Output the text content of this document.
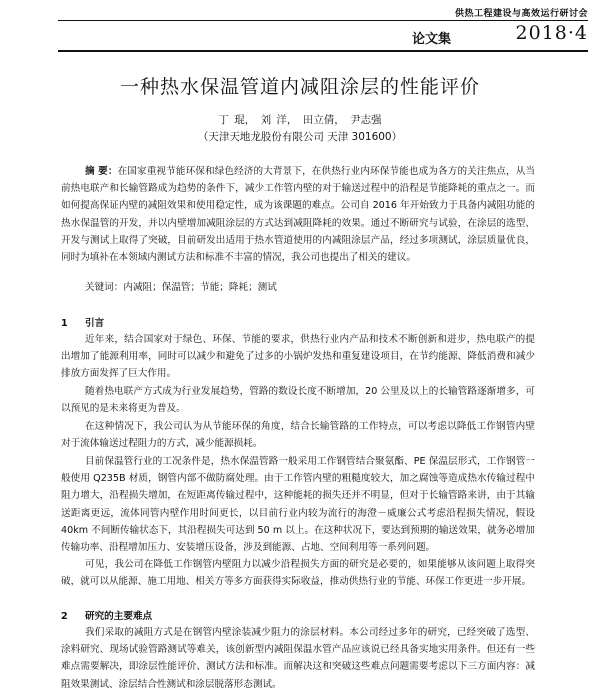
供热工程建设与高效运行研讨会
论文集	2018·4
一种热水保温管道内减阻涂层的性能评价
丁 琨， 刘 洋， 田立倩， 尹志强
（天津天地龙股份有限公司 天津 301600）

摘 要：在国家重视节能环保和绿色经济的大背景下，在供热行业内环保节能也成为各方的关注焦点，从当前热电联产和长输管路成为趋势的条件下，减少工作管内壁的对于输送过程中的沿程是节能降耗的重点之一。而如何提高保证内壁的减阻效果和使用稳定性，成为该课题的难点。公司自 2016 年开始致力于具备内减阻功能的热水保温管的开发，并以内壁增加减阻涂层的方式达到减阻降耗的效果。通过不断研究与试验，在涂层的选型、开发与测试上取得了突破，目前研发出适用于热水管道使用的内减阻涂层产品，经过多项测试，涂层质量优良，同时为填补在本领域内测试方法和标准不丰富的情况，我公司也提出了相关的建议。

关键词：内减阻；保温管；节能；降耗；测试

1 引言

近年来，结合国家对于绿色、环保、节能的要求，供热行业内产品和技术不断创新和进步，热电联产的提出增加了能源利用率，同时可以减少和避免了过多的小锅炉发热和重复建设项目，在节约能源、降低消费和减少排放方面发挥了巨大作用。

随着热电联产方式成为行业发展趋势，管路的数设长度不断增加，20 公里及以上的长输管路逐渐增多，可以预见的是未来将更为普及。

在这种情况下，我公司认为从节能环保的角度，结合长输管路的工作特点，可以考虑以降低工作钢管内壁对于流体输送过程阻力的方式，减少能源损耗。

目前保温管行业的工况条件是，热水保温管路一般采用工作钢管结合聚氨酯、PE 保温层形式，工作钢管一般使用 Q235B 材质，钢管内部不做防腐处理。由于工作管内壁的粗糙度较大，加之腐蚀等造成热水传输过程中阻力增大，沿程损失增加，在短距离传输过程中，这种能耗的损失还并不明显，但对于长输管路来讲，由于其输送距离更远，流体同管内壁作用时间更长，以目前行业内较为流行的海澄－威廉公式考虑沿程损失情况，假设 40km 不间断传输状态下，其沿程损失可达到 50 m 以上。在这种状况下，要达到预期的输送效果，就务必增加传输功率、沿程增加压力、安装增压设备，涉及到能源、占地、空间利用等一系列问题。

可见，我公司在降低工作钢管内壁阻力以减少沿程损失方面的研究是必要的，如果能够从该问题上取得突破，就可以从能源、施工用地、相关方等多方面获得实际收益，推动供热行业的节能、环保工作更进一步开展。

2 研究的主要难点

我们采取的减阻方式是在钢管内壁涂装减少阻力的涂层材料。本公司经过多年的研究，已经突破了选型、涂料研究、现场试验管路测试等难关，该创新型内减阻保温水管产品应该说已经具备实地实用条件。但还有一些难点需要解决，即涂层性能评价、测试方法和标准。而解决这和突破这些难点问题需要考虑以下三方面内容：减阻效果测试、涂层结合性测试和涂层脱落形态测试。
